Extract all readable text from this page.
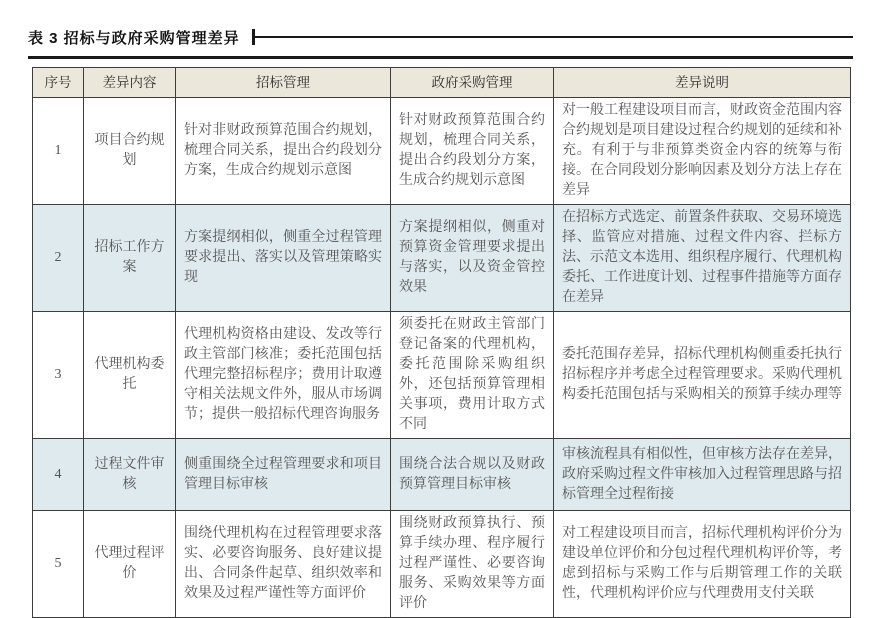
表 3 招标与政府采购管理差异
序号	差异内容	招标管理	政府采购管理	差异说明
1	项目合约规划	针对非财政预算范围合约规划，梳理合同关系，提出合约段划分方案，生成合约规划示意图	针对财政预算范围合约规划，梳理合同关系，提出合约段划分方案，生成合约规划示意图	对一般工程建设项目而言，财政资金范围内容合约规划是项目建设过程合约规划的延续和补充。有利于与非预算类资金内容的统筹与衔接。在合同段划分影响因素及划分方法上存在差异
2	招标工作方案	方案提纲相似，侧重全过程管理要求提出、落实以及管理策略实现	方案提纲相似，侧重对预算资金管理要求提出与落实，以及资金管控效果	在招标方式选定、前置条件获取、交易环境选择、监管应对措施、过程文件内容、拦标方法、示范文本选用、组织程序履行、代理机构委托、工作进度计划、过程事件措施等方面存在差异
3	代理机构委托	代理机构资格由建设、发改等行政主管部门核准；委托范围包括代理完整招标程序；费用计取遵守相关法规文件外，服从市场调节；提供一般招标代理咨询服务	须委托在财政主管部门登记备案的代理机构，委托范围除采购组织外，还包括预算管理相关事项，费用计取方式不同	委托范围存差异，招标代理机构侧重委托执行招标程序并考虑全过程管理要求。采购代理机构委托范围包括与采购相关的预算手续办理等
4	过程文件审核	侧重围绕全过程管理要求和项目管理目标审核	围绕合法合规以及财政预算管理目标审核	审核流程具有相似性，但审核方法存在差异，政府采购过程文件审核加入过程管理思路与招标管理全过程衔接
5	代理过程评价	围绕代理机构在过程管理要求落实、必要咨询服务、良好建议提出、合同条件起草、组织效率和效果及过程严谨性等方面评价	围绕财政预算执行、预算手续办理、程序履行过程严谨性、必要咨询服务、采购效果等方面评价	对工程建设项目而言，招标代理机构评价分为建设单位评价和分包过程代理机构评价等，考虑到招标与采购工作与后期管理工作的关联性，代理机构评价应与代理费用支付关联
